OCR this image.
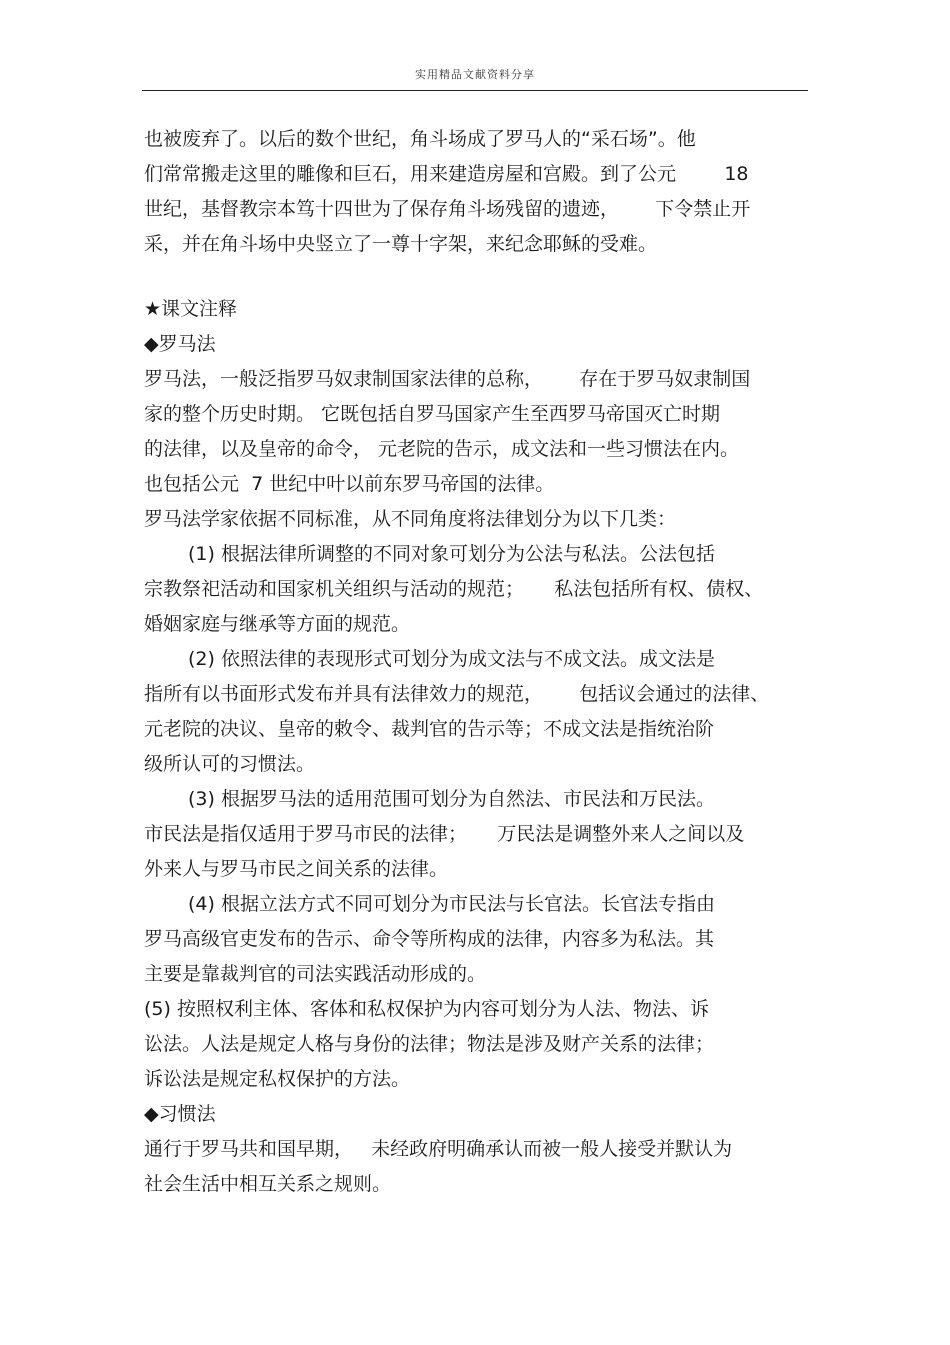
实用精品文献资料分享
也被废弃了。以后的数个世纪，角斗场成了罗马人的“采石场”。他
们常常搬走这里的雕像和巨石，用来建造房屋和宫殿。到了公元        18
世纪，基督教宗本笃十四世为了保存角斗场残留的遗迹，      下令禁止开
采，并在角斗场中央竖立了一尊十字架，来纪念耶稣的受难。
★课文注释
◆罗马法
罗马法，一般泛指罗马奴隶制国家法律的总称，      存在于罗马奴隶制国
家的整个历史时期。 它既包括自罗马国家产生至西罗马帝国灭亡时期
的法律，以及皇帝的命令， 元老院的告示，成文法和一些习惯法在内。
也包括公元  7 世纪中叶以前东罗马帝国的法律。
罗马法学家依据不同标准，从不同角度将法律划分为以下几类：
(1) 根据法律所调整的不同对象可划分为公法与私法。公法包括
宗教祭祀活动和国家机关组织与活动的规范；     私法包括所有权、债权、
婚姻家庭与继承等方面的规范。
(2) 依照法律的表现形式可划分为成文法与不成文法。成文法是
指所有以书面形式发布并具有法律效力的规范，      包括议会通过的法律、
元老院的决议、皇帝的敕令、裁判官的告示等；不成文法是指统治阶
级所认可的习惯法。
(3) 根据罗马法的适用范围可划分为自然法、市民法和万民法。
市民法是指仅适用于罗马市民的法律；     万民法是调整外来人之间以及
外来人与罗马市民之间关系的法律。
(4) 根据立法方式不同可划分为市民法与长官法。长官法专指由
罗马高级官吏发布的告示、命令等所构成的法律，内容多为私法。其
主要是靠裁判官的司法实践活动形成的。
(5) 按照权利主体、客体和私权保护为内容可划分为人法、物法、诉
讼法。人法是规定人格与身份的法律；物法是涉及财产关系的法律；
诉讼法是规定私权保护的方法。
◆习惯法
通行于罗马共和国早期，   未经政府明确承认而被一般人接受并默认为
社会生活中相互关系之规则。
